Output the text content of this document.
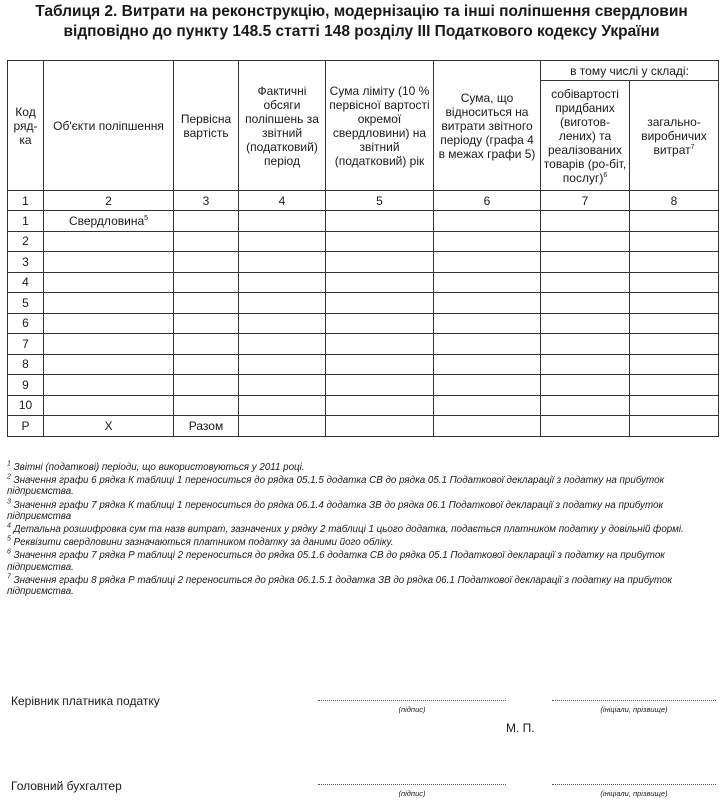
Таблиця 2. Витрати на реконструкцію, модернізацію та інші поліпшення свердловин
відповідно до пункту 148.5 статті 148 розділу III Податкового кодексу України
Код ряд-ка	Об'єкти поліпшення	Первісна вартість	Фактичні обсяги поліпшень за звітний (податковий) період	Сума ліміту (10 % первісної вартості окремої свердловини) на звітний (податковий) рік	Сума, що відноситься на витрати звітного періоду (графа 4 в межах графи 5)	в тому числі у складі:	
						собівартості придбаних (виготов-лених) та реалізованих товарів (ро-біт, послуг)$^6$	загально-виробничих витрат$^7$
1	2	3	4	5	6	7	8
1	Свердловина$^5$						
2							
3							
4							
5							
6							
7							
8							
9							
10							
Р	Х	Разом					
$^1$ Звітні (податкові) періоди, що використовуються у 2011 році.
$^2$ Значення графи 6 рядка К таблиці 1 переноситься до рядка 05.1.5 додатка СВ до рядка 05.1 Податкової декларації з податку на прибуток підприємства.
$^3$ Значення графи 7 рядка К таблиці 1 переноситься до рядка 06.1.4 додатка ЗВ до рядка 06.1 Податкової декларації з податку на прибуток підприємства
$^4$ Детальна розшифровка сум та назв витрат, зазначених у рядку 2 таблиці 1 цього додатка, подається платником податку у довільній формі.
$^5$ Реквізити свердловини зазначаються платником податку за даними його обліку.
$^6$ Значення графи 7 рядка Р таблиці 2 переноситься до рядка 05.1.6 додатка СВ до рядка 05.1 Податкової декларації з податку на прибуток підприємства.
$^7$ Значення графи 8 рядка Р таблиці 2 переноситься до рядка 06.1.5.1 додатка ЗВ до рядка 06.1 Податкової декларації з податку на прибуток підприємства.
Керівник платника податку
(підпис)	(ініціали, прізвище)
М. П.
Головний бухгалтер
(підпис)	(ініціали, прізвище)
